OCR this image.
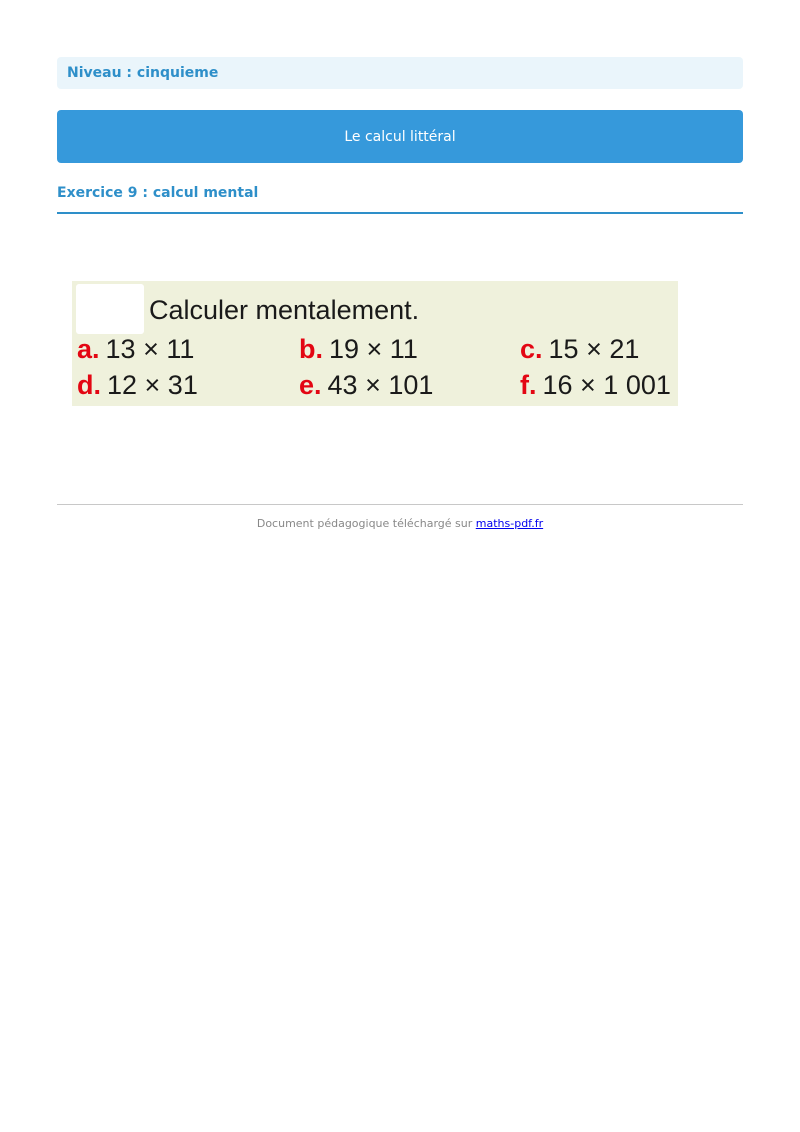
Niveau : cinquieme
Le calcul littéral
Exercice 9 : calcul mental
Calculer mentalement.
a. 13 × 11	b. 19 × 11	c. 15 × 21
d. 12 × 31	e. 43 × 101	f. 16 × 1 001
Document pédagogique téléchargé sur maths-pdf.fr
